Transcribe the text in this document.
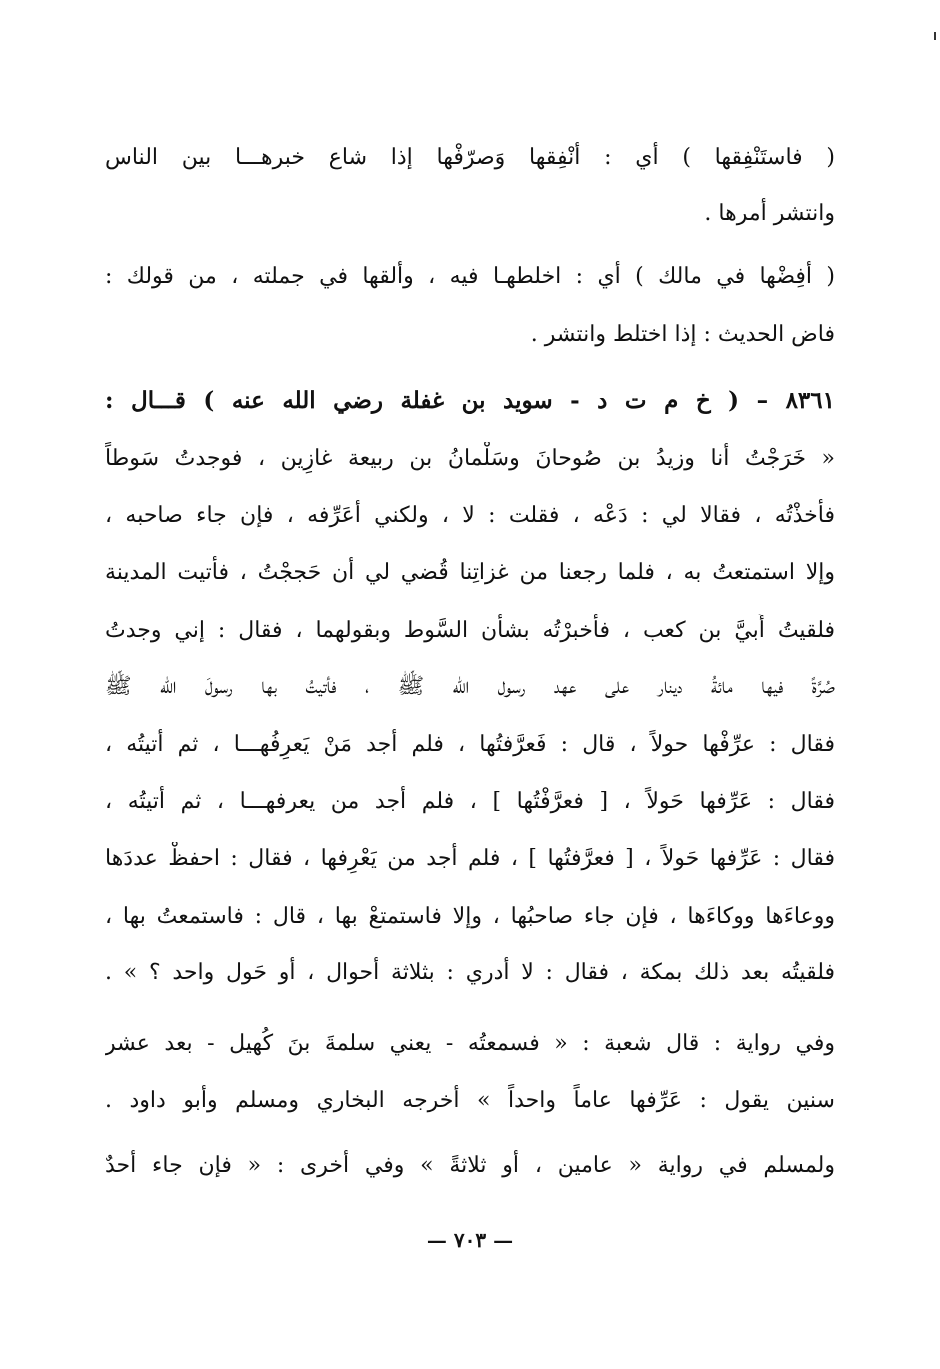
( فاستَنْفِقها ) أي : أنْفِقها وَصرّفْها إذا شاع خبرهـــا بين الناس
وانتشر أمرها .
( أفِضْها في مالك ) أي : اخلطهـا فيه ، وألقها في جملته ، من قولك :
فاض الحديث : إذا اختلط وانتشر .
٨٣٦١ – ( خ م ت د - سويد بن غفلة رضي الله عنه ) قـــال :
« خَرَجْتُ أنا وزيدُ بن صُوحانَ وسَلْمانُ بن ربيعة غازِين ، فوجدتُ سَوطاً
فأخذْتُه ، فقالا لي : دَعْه ، فقلت : لا ، ولكني أعَرِّفه ، فإن جاء صاحبه ،
وإلا استمتعتُ به ، فلما رجعنا من غزاتِنا قُضي لي أن حَججْتُ ، فأتيت المدينة
فلقيتُ أُبيَّ بن كعب ، فأخبرْتُه بشأن السَّوط وبقولهما ، فقال : إني وجدتُ
صُرَّةً فيها مائةُ دينار على عهد رسول الله ﷺ ، فأتيتُ بها رسولَ الله ﷺ
فقال : عرِّفْها حولاً ، قال : فَعرَّفتُها ، فلم أجد مَنْ يَعرِفُهـــا ، ثم أتيتُه ،
فقال : عَرِّفها حَولاً ، [ فعرَّفْتُها ] ، فلم أجد من يعرفهـــا ، ثم أتيتُه ،
فقال : عَرِّفها حَولاً ، [ فعرَّفتُها ] ، فلم أجد من يَعْرِفها ، فقال : احفظْ عددَها
ووعاءَها ووكاءَها ، فإن جاء صاحبُها ، وإلا فاستمتعْ بها ، قال : فاستمعتُ بها ،
فلقيتُه بعد ذلك بمكة ، فقال : لا أدري : بثلاثة أحوال ، أو حَول واحد ؟ » .
وفي رواية : قال شعبة : « فسمعتُه - يعني سلمةَ بنَ كُهيل - بعد عشر
سنين يقول : عَرِّفها عاماً واحداً » أخرجه البخاري ومسلم وأبو داود .
ولمسلم في رواية « عامين ، أو ثلاثةً » وفي أخرى : « فإن جاء أحدٌ
— ٧٠٣ —
